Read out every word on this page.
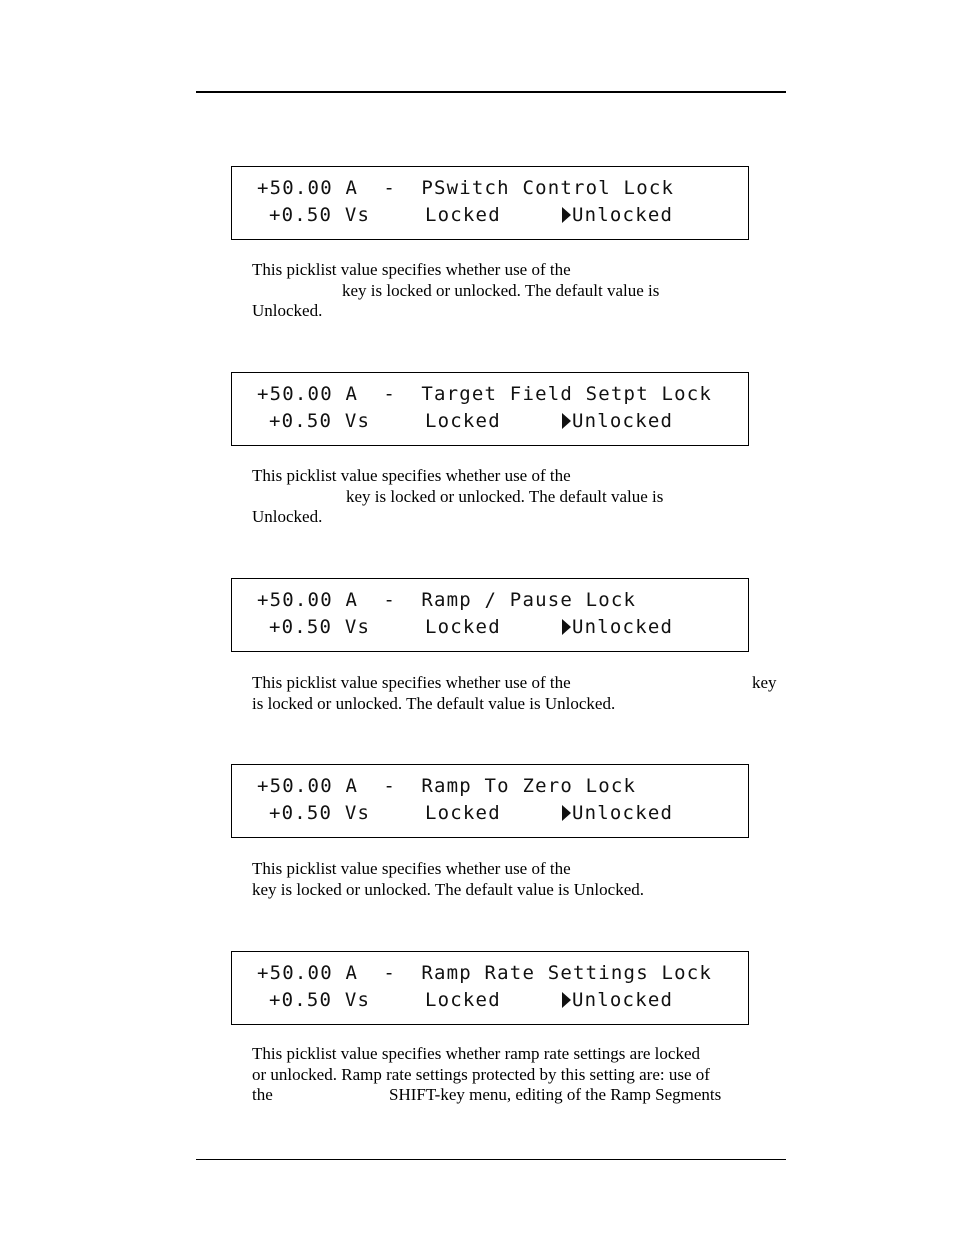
+50.00 A - PSwitch Control Lock

+0.50 Vs

	Locked

	Unlocked

This picklist value specifies whether use of the
key is locked or unlocked. The default value is
Unlocked.

+50.00 A - Target Field Setpt Lock

+0.50 Vs

	Locked

	Unlocked

This picklist value specifies whether use of the
key is locked or unlocked. The default value is
Unlocked.

+50.00 A - Ramp / Pause Lock

+0.50 Vs

	Locked

	Unlocked

This picklist value specifies whether use of the	key
is locked or unlocked. The default value is Unlocked.

+50.00 A - Ramp To Zero Lock

+0.50 Vs

	Locked

	Unlocked

This picklist value specifies whether use of the
key is locked or unlocked. The default value is Unlocked.

+50.00 A - Ramp Rate Settings Lock

+0.50 Vs

	Locked

	Unlocked

This picklist value specifies whether ramp rate settings are locked
or unlocked. Ramp rate settings protected by this setting are: use of
the	SHIFT-key menu, editing of the Ramp Segments
